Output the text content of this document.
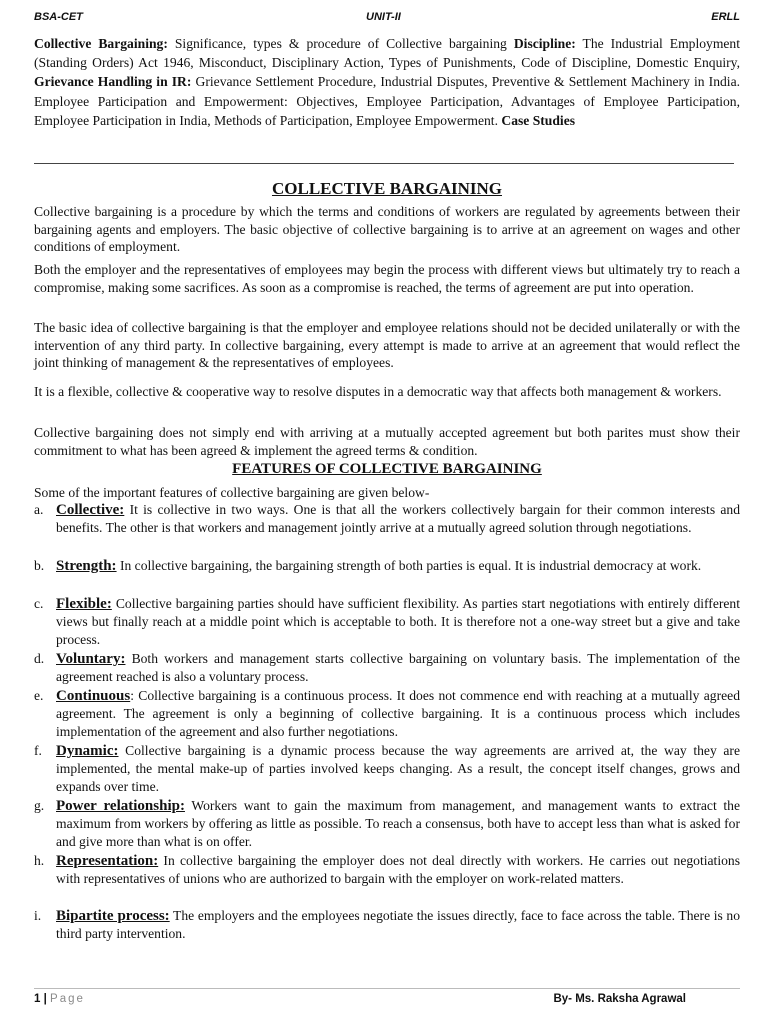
BSA-CET	UNIT-II	ERLL
Collective Bargaining: Significance, types & procedure of Collective bargaining Discipline: The Industrial Employment (Standing Orders) Act 1946, Misconduct, Disciplinary Action, Types of Punishments, Code of Discipline, Domestic Enquiry, Grievance Handling in IR: Grievance Settlement Procedure, Industrial Disputes, Preventive & Settlement Machinery in India. Employee Participation and Empowerment: Objectives, Employee Participation, Advantages of Employee Participation, Employee Participation in India, Methods of Participation, Employee Empowerment. Case Studies
COLLECTIVE BARGAINING

Collective bargaining is a procedure by which the terms and conditions of workers are regulated by agreements between their bargaining agents and employers. The basic objective of collective bargaining is to arrive at an agreement on wages and other conditions of employment.

Both the employer and the representatives of employees may begin the process with different views but ultimately try to reach a compromise, making some sacrifices. As soon as a compromise is reached, the terms of agreement are put into operation.

The basic idea of collective bargaining is that the employer and employee relations should not be decided unilaterally or with the intervention of any third party. In collective bargaining, every attempt is made to arrive at an agreement that would reflect the joint thinking of management & the representatives of employees.

It is a flexible, collective & cooperative way to resolve disputes in a democratic way that affects both management & workers.

Collective bargaining does not simply end with arriving at a mutually accepted agreement but both parites must show their commitment to what has been agreed & implement the agreed terms & condition.

FEATURES OF COLLECTIVE BARGAINING
Some of the important features of collective bargaining are given below-
a. Collective: It is collective in two ways. One is that all the workers collectively bargain for their common interests and benefits. The other is that workers and management jointly arrive at a mutually agreed solution through negotiations.
b. Strength: In collective bargaining, the bargaining strength of both parties is equal. It is industrial democracy at work.
c. Flexible: Collective bargaining parties should have sufficient flexibility. As parties start negotiations with entirely different views but finally reach at a middle point which is acceptable to both. It is therefore not a one-way street but a give and take process.
d. Voluntary: Both workers and management starts collective bargaining on voluntary basis. The implementation of the agreement reached is also a voluntary process.
e. Continuous: Collective bargaining is a continuous process. It does not commence end with reaching at a mutually agreed agreement. The agreement is only a beginning of collective bargaining. It is a continuous process which includes implementation of the agreement and also further negotiations.
f. Dynamic: Collective bargaining is a dynamic process because the way agreements are arrived at, the way they are implemented, the mental make-up of parties involved keeps changing. As a result, the concept itself changes, grows and expands over time.
g. Power relationship: Workers want to gain the maximum from management, and management wants to extract the maximum from workers by offering as little as possible. To reach a consensus, both have to accept less than what is asked for and give more than what is on offer.
h. Representation: In collective bargaining the employer does not deal directly with workers. He carries out negotiations with representatives of unions who are authorized to bargain with the employer on work-related matters.
i. Bipartite process: The employers and the employees negotiate the issues directly, face to face across the table. There is no third party intervention.
1 | Page	By- Ms. Raksha Agrawal
